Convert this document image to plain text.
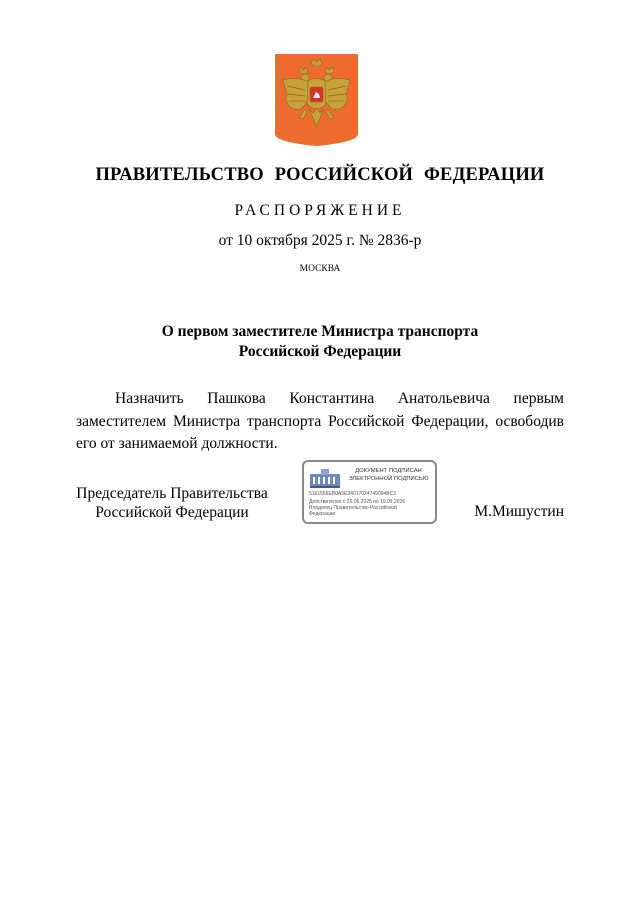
ПРАВИТЕЛЬСТВО РОССИЙСКОЙ ФЕДЕРАЦИИ
РАСПОРЯЖЕНИЕ
от 10 октября 2025 г. № 2836-р
МОСКВА
О первом заместителе Министра транспорта
Российской Федерации

Назначить Пашкова Константина Анатольевича первым заместителем Министра транспорта Российской Федерации, освободив его от занимаемой должности.

Председатель Правительства
Российской Федерации
ДОКУМЕНТ ПОДПИСАН
ЭЛЕКТРОННОЙ ПОДПИСЬЮ
5161566EB0A5E34017024749094BC3
Действителен с 26.06.2025 по 19.09.2026
Владелец Правительство Российской Федерации	М.Мишустин
